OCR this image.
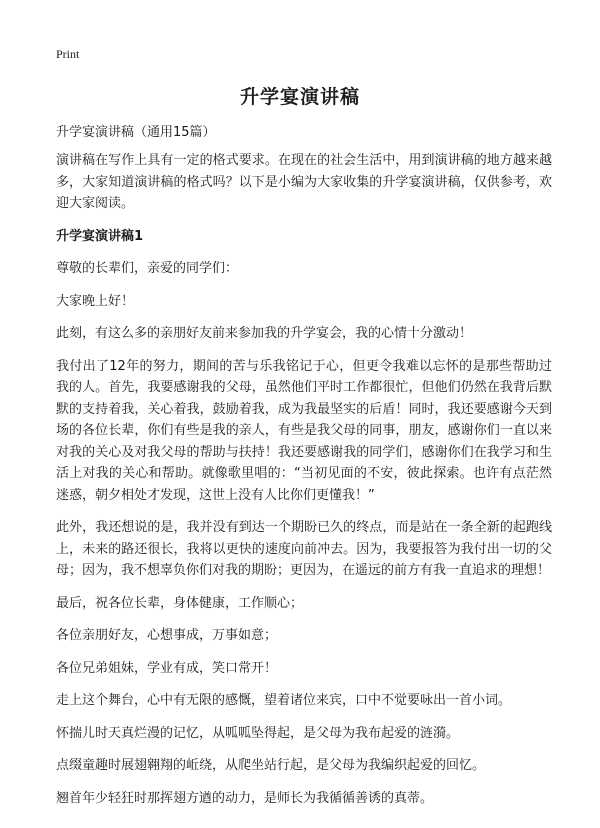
Print
升学宴演讲稿

升学宴演讲稿（通用15篇）

演讲稿在写作上具有一定的格式要求。在现在的社会生活中，用到演讲稿的地方越来越多，大家知道演讲稿的格式吗？以下是小编为大家收集的升学宴演讲稿，仅供参考，欢迎大家阅读。

升学宴演讲稿1

尊敬的长辈们，亲爱的同学们：

大家晚上好！

此刻，有这么多的亲朋好友前来参加我的升学宴会，我的心情十分激动！

我付出了12年的努力，期间的苦与乐我铭记于心，但更令我难以忘怀的是那些帮助过我的人。首先，我要感谢我的父母，虽然他们平时工作都很忙，但他们仍然在我背后默默的支持着我，关心着我，鼓励着我，成为我最坚实的后盾！同时，我还要感谢今天到场的各位长辈，你们有些是我的亲人，有些是我父母的同事，朋友，感谢你们一直以来对我的关心及对我父母的帮助与扶持！我还要感谢我的同学们，感谢你们在我学习和生活上对我的关心和帮助。就像歌里唱的：“当初见面的不安，彼此探索。也许有点茫然迷惑，朝夕相处才发现，这世上没有人比你们更懂我！”

此外，我还想说的是，我并没有到达一个期盼已久的终点，而是站在一条全新的起跑线上，未来的路还很长，我将以更快的速度向前冲去。因为，我要报答为我付出一切的父母；因为，我不想辜负你们对我的期盼；更因为，在遥远的前方有我一直追求的理想！

最后，祝各位长辈，身体健康，工作顺心；

各位亲朋好友，心想事成，万事如意；

各位兄弟姐妹，学业有成，笑口常开！

走上这个舞台，心中有无限的感慨，望着诸位来宾，口中不觉要咏出一首小词。

怀揣儿时天真烂漫的记忆，从呱呱坠得起，是父母为我布起爱的涟漪。

点缀童趣时展翅翱翔的岴绕，从爬坐站行起，是父母为我编织起爱的回忆。

翘首年少轻狂时那挥翅方遒的动力，是师长为我循循善诱的真蒂。
